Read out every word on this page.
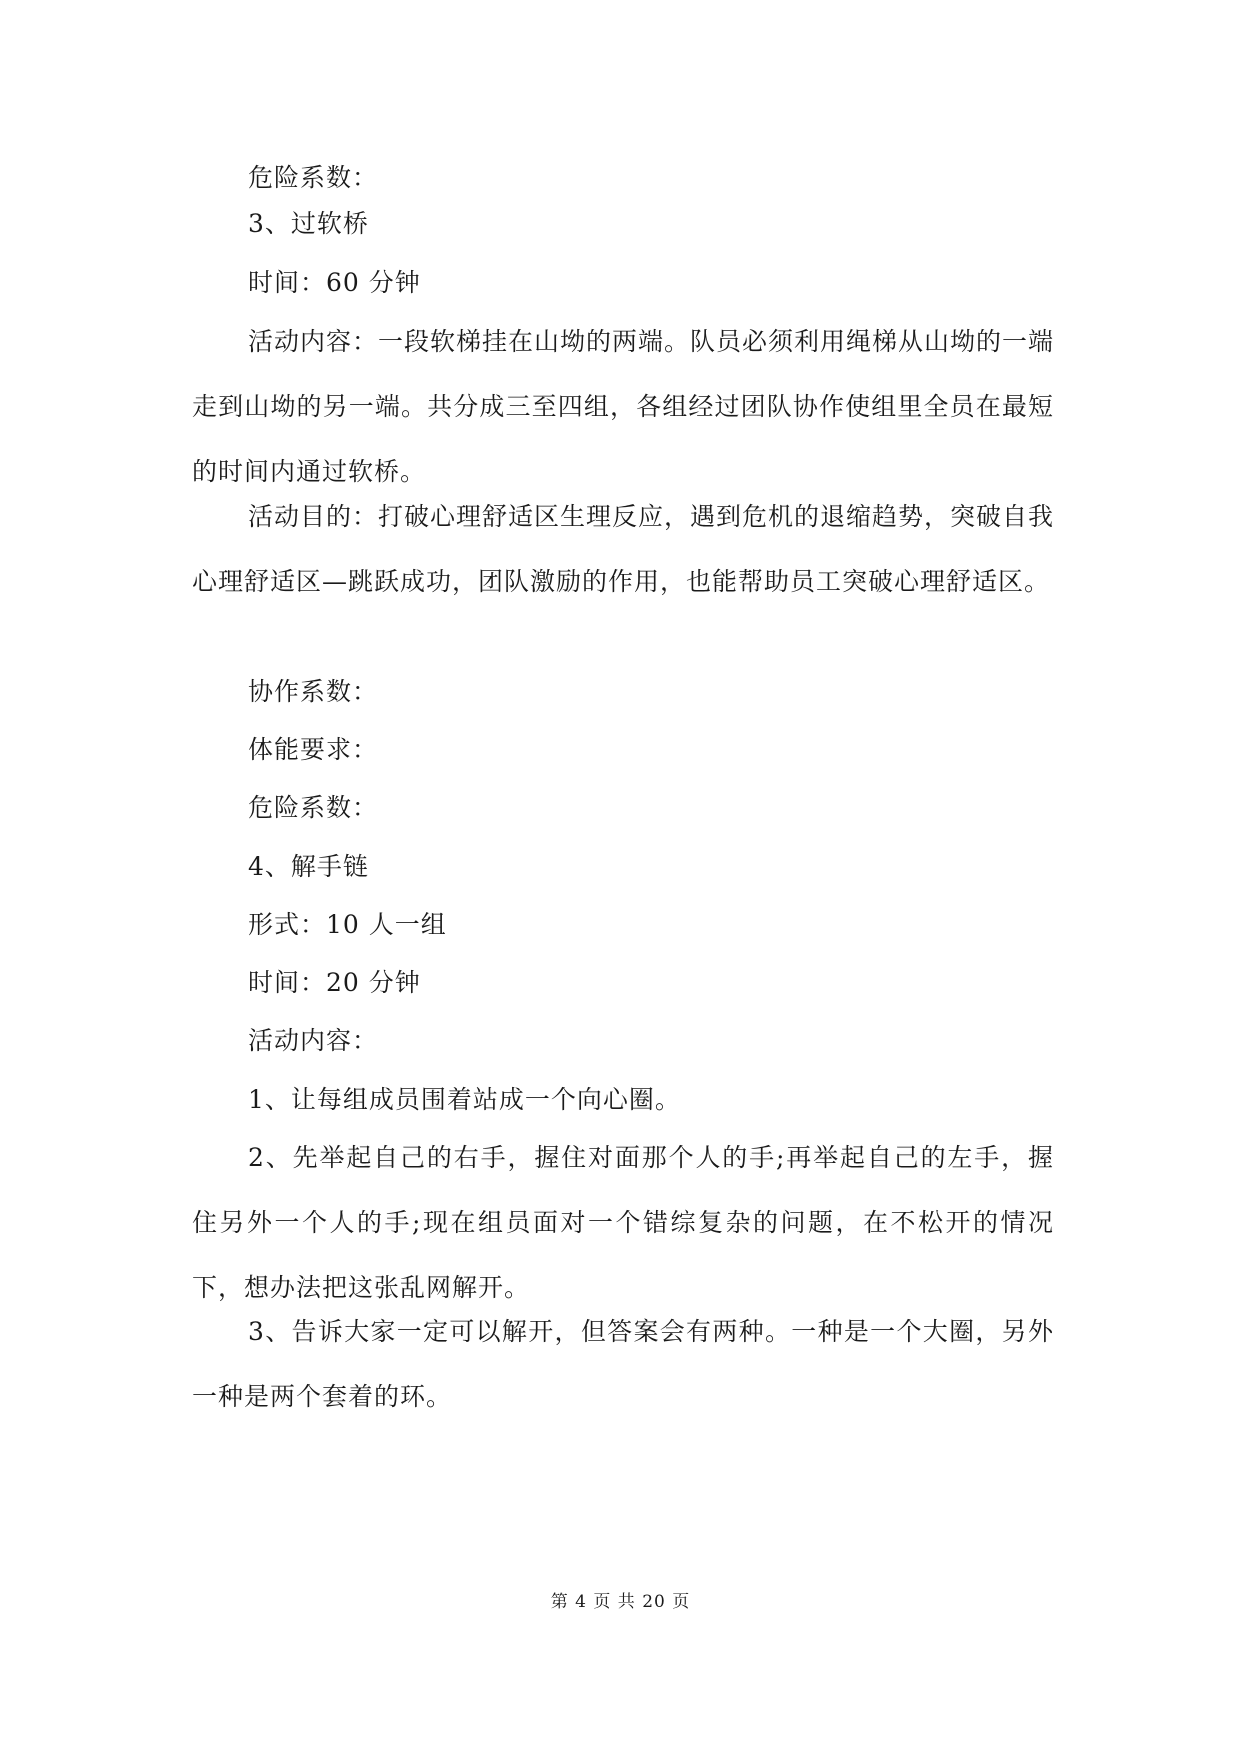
危险系数：

3、过软桥

时间：60 分钟

活动内容：一段软梯挂在山坳的两端。队员必须利用绳梯从山坳的一端走到山坳的另一端。共分成三至四组，各组经过团队协作使组里全员在最短的时间内通过软桥。

活动目的：打破心理舒适区生理反应，遇到危机的退缩趋势，突破自我心理舒适区—跳跃成功，团队激励的作用，也能帮助员工突破心理舒适区。

协作系数：

体能要求：

危险系数：

4、解手链

形式：10 人一组

时间：20 分钟

活动内容：

1、让每组成员围着站成一个向心圈。

2、先举起自己的右手，握住对面那个人的手;再举起自己的左手，握住另外一个人的手;现在组员面对一个错综复杂的问题，在不松开的情况下，想办法把这张乱网解开。

3、告诉大家一定可以解开，但答案会有两种。一种是一个大圈，另外一种是两个套着的环。

第 4 页 共 20 页
